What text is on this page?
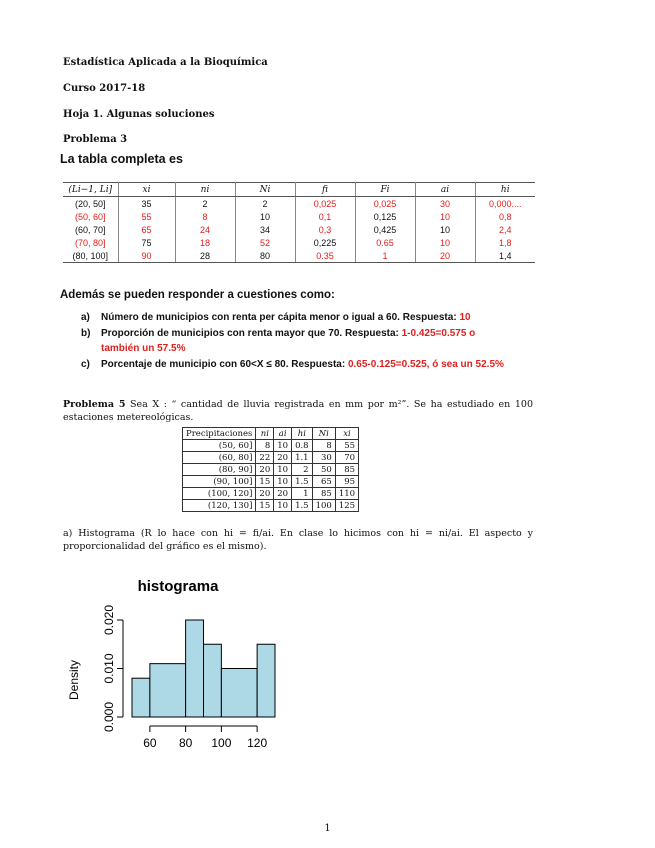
Estadística Aplicada a la Bioquímica
Curso 2017-18
Hoja 1. Algunas soluciones
Problema 3
La tabla completa es
(Li−1, Li]	xi	ni	Ni	fi	Fi	ai	hi
(20, 50]	35	2	2	0,025	0,025	30	0,000....
(50, 60]	55	8	10	0,1	0,125	10	0,8
(60, 70]	65	24	34	0,3	0,425	10	2,4
(70, 80]	75	18	52	0,225	0.65	10	1,8
(80, 100]	90	28	80	0.35	1	20	1,4
Además se pueden responder a cuestiones como:
a) Número de municipios con renta per cápita menor o igual a 60. Respuesta: 10
b) Proporción de municipios con renta mayor que 70. Respuesta: 1-0.425=0.575 o
también un 57.5%
c) Porcentaje de municipio con 60<X ≤ 80. Respuesta: 0.65-0.125=0.525, ó sea un 52.5%
Problema 5 Sea X : “ cantidad de lluvia registrada en mm por m²”. Se ha estudiado en 100 estaciones metereológicas.
Precipitaciones	ni	ai	hi	Ni	xi
(50, 60]	8	10	0.8	8	55
(60, 80]	22	20	1.1	30	70
(80, 90]	20	10	2	50	85
(90, 100]	15	10	1.5	65	95
(100, 120]	20	20	1	85	110
(120, 130]	15	10	1.5	100	125
a) Histograma (R lo hace con hi = fi/ai. En clase lo hicimos con hi = ni/ai. El aspecto y proporcionalidad del gráfico es el mismo).
histograma
Density
60 80 100 120
0.000
0.010
0.020
1
